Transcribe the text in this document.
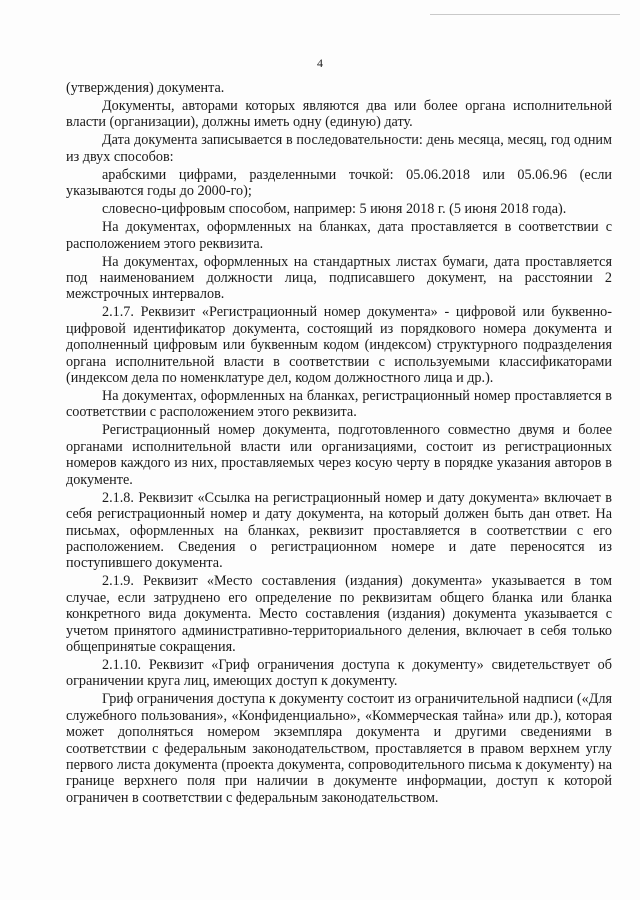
4

(утверждения) документа.

Документы, авторами которых являются два или более органа исполнительной власти (организации), должны иметь одну (единую) дату.

Дата документа записывается в последовательности: день месяца, месяц, год одним из двух способов:

арабскими цифрами, разделенными точкой: 05.06.2018 или 05.06.96 (если указываются годы до 2000-го);

словесно-цифровым способом, например: 5 июня 2018 г. (5 июня 2018 года).

На документах, оформленных на бланках, дата проставляется в соответствии с расположением этого реквизита.

На документах, оформленных на стандартных листах бумаги, дата проставляется под наименованием должности лица, подписавшего документ, на расстоянии 2 межстрочных интервалов.

2.1.7. Реквизит «Регистрационный номер документа» - цифровой или буквенно-цифровой идентификатор документа, состоящий из порядкового номера документа и дополненный цифровым или буквенным кодом (индексом) структурного подразделения органа исполнительной власти в соответствии с используемыми классификаторами (индексом дела по номенклатуре дел, кодом должностного лица и др.).

На документах, оформленных на бланках, регистрационный номер проставляется в соответствии с расположением этого реквизита.

Регистрационный номер документа, подготовленного совместно двумя и более органами исполнительной власти или организациями, состоит из регистрационных номеров каждого из них, проставляемых через косую черту в порядке указания авторов в документе.

2.1.8. Реквизит «Ссылка на регистрационный номер и дату документа» включает в себя регистрационный номер и дату документа, на который должен быть дан ответ. На письмах, оформленных на бланках, реквизит проставляется в соответствии с его расположением. Сведения о регистрационном номере и дате переносятся из поступившего документа.

2.1.9. Реквизит «Место составления (издания) документа» указывается в том случае, если затруднено его определение по реквизитам общего бланка или бланка конкретного вида документа. Место составления (издания) документа указывается с учетом принятого административно-территориального деления, включает в себя только общепринятые сокращения.

2.1.10. Реквизит «Гриф ограничения доступа к документу» свидетельствует об ограничении круга лиц, имеющих доступ к документу.

Гриф ограничения доступа к документу состоит из ограничительной надписи («Для служебного пользования», «Конфиденциально», «Коммерческая тайна» или др.), которая может дополняться номером экземпляра документа и другими сведениями в соответствии с федеральным законодательством, проставляется в правом верхнем углу первого листа документа (проекта документа, сопроводительного письма к документу) на границе верхнего поля при наличии в документе информации, доступ к которой ограничен в соответствии с федеральным законодательством.
